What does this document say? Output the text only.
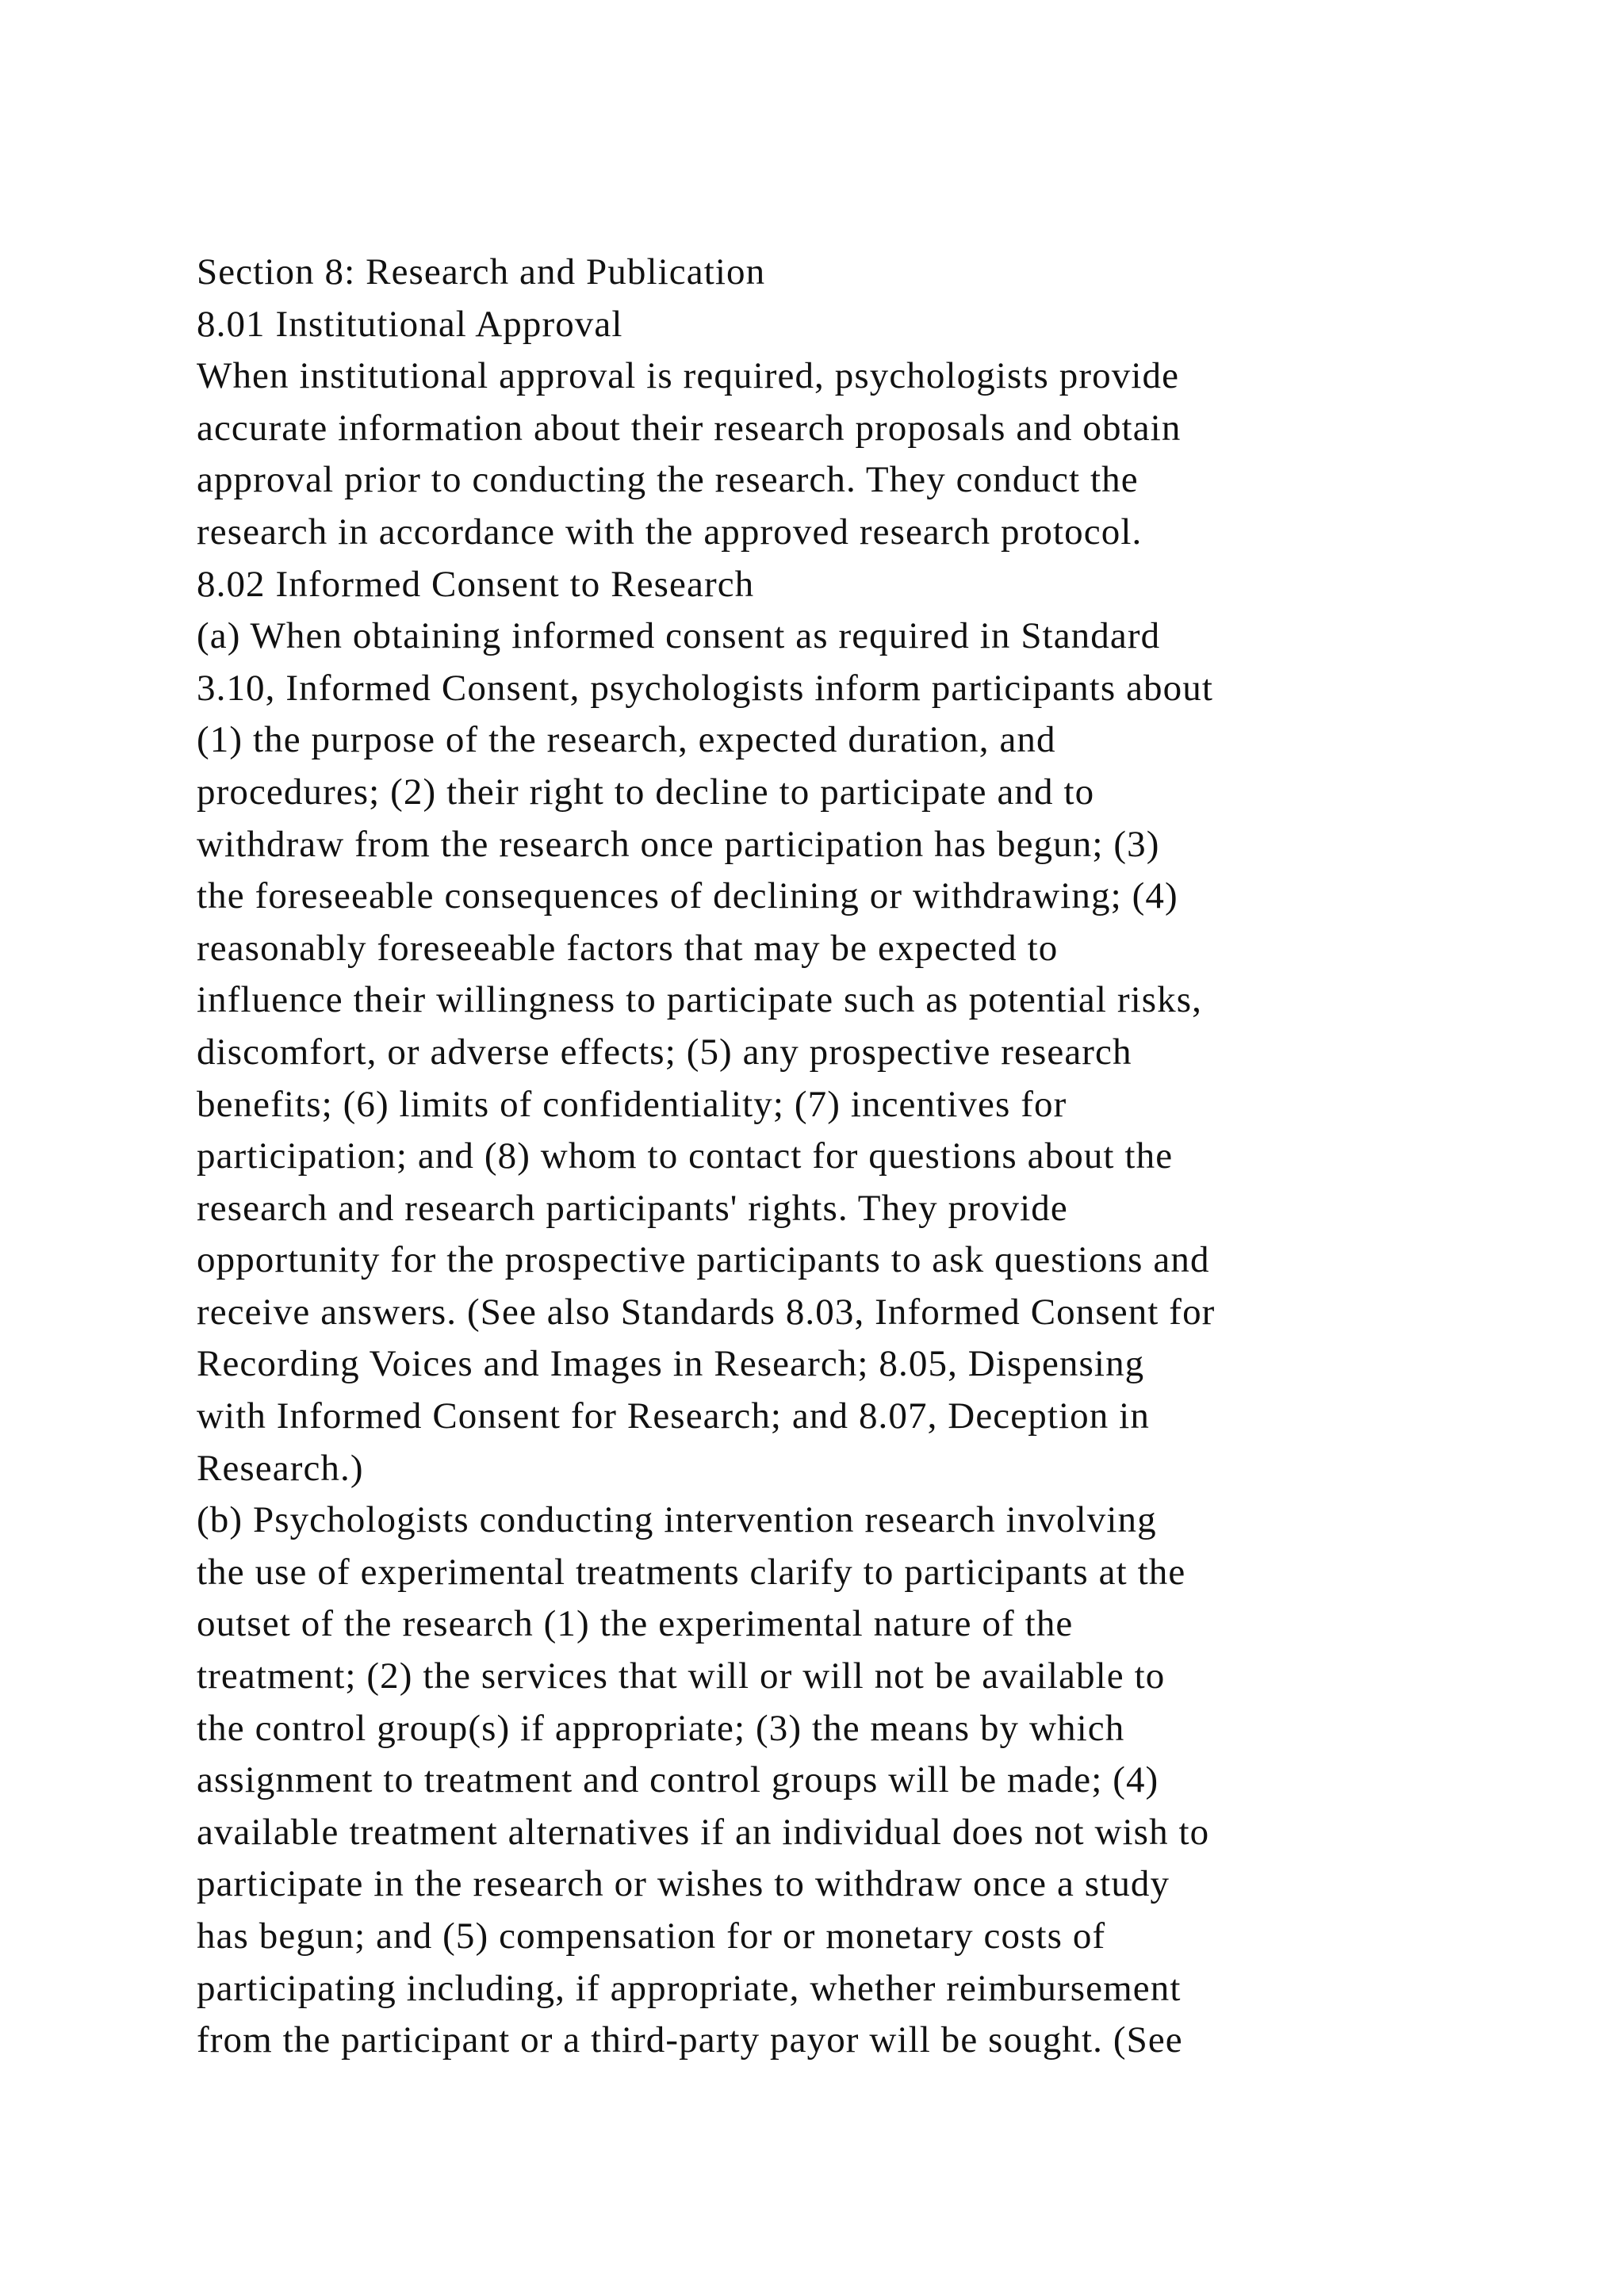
Section 8: Research and Publication
8.01 Institutional Approval
When institutional approval is required, psychologists provide
accurate information about their research proposals and obtain
approval prior to conducting the research. They conduct the
research in accordance with the approved research protocol.
8.02 Informed Consent to Research
(a) When obtaining informed consent as required in Standard
3.10, Informed Consent, psychologists inform participants about
(1) the purpose of the research, expected duration, and
procedures; (2) their right to decline to participate and to
withdraw from the research once participation has begun; (3)
the foreseeable consequences of declining or withdrawing; (4)
reasonably foreseeable factors that may be expected to
influence their willingness to participate such as potential risks,
discomfort, or adverse effects; (5) any prospective research
benefits; (6) limits of confidentiality; (7) incentives for
participation; and (8) whom to contact for questions about the
research and research participants' rights. They provide
opportunity for the prospective participants to ask questions and
receive answers. (See also Standards 8.03, Informed Consent for
Recording Voices and Images in Research; 8.05, Dispensing
with Informed Consent for Research; and 8.07, Deception in
Research.)
(b) Psychologists conducting intervention research involving
the use of experimental treatments clarify to participants at the
outset of the research (1) the experimental nature of the
treatment; (2) the services that will or will not be available to
the control group(s) if appropriate; (3) the means by which
assignment to treatment and control groups will be made; (4)
available treatment alternatives if an individual does not wish to
participate in the research or wishes to withdraw once a study
has begun; and (5) compensation for or monetary costs of
participating including, if appropriate, whether reimbursement
from the participant or a third-party payor will be sought. (See
